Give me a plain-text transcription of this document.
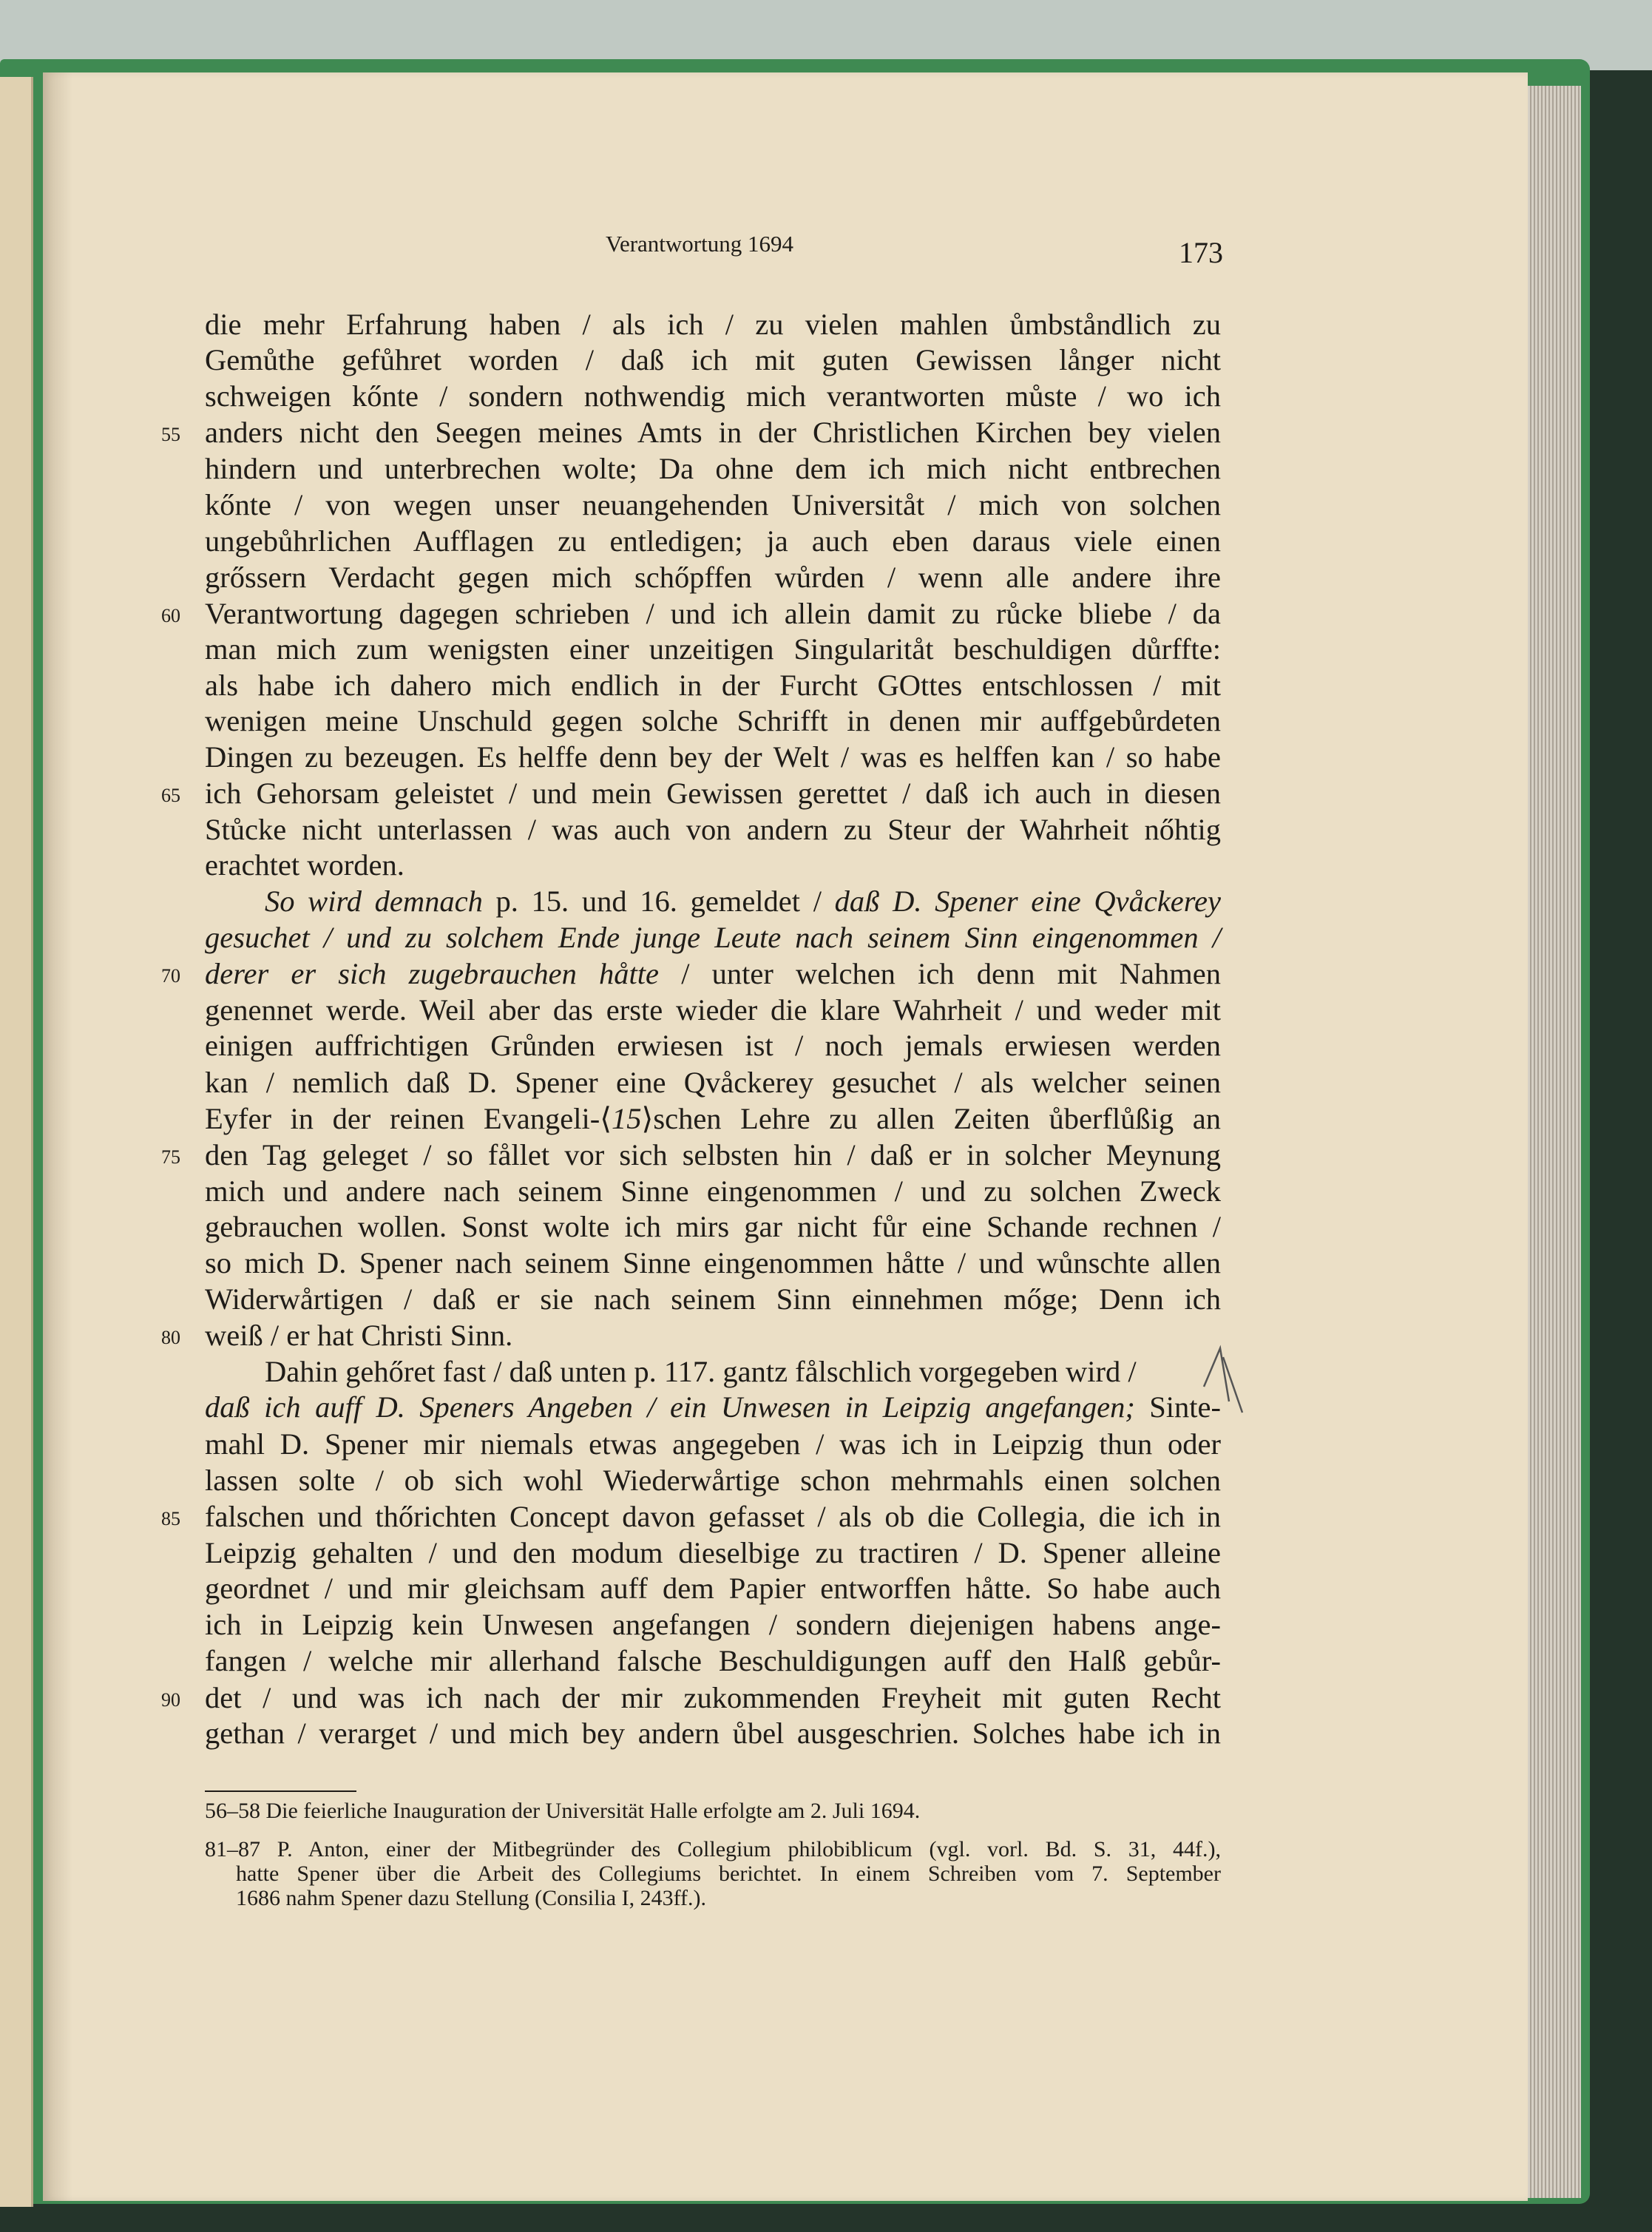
Verantwortung 1694	173
die mehr Erfahrung haben / als ich / zu vielen mahlen ůmbståndlich zu
Gemůthe gefůhret worden / daß ich mit guten Gewissen långer nicht
schweigen kőnte / sondern nothwendig mich verantworten můste / wo ich
anders nicht den Seegen meines Amts in der Christlichen Kirchen bey vielen
hindern und unterbrechen wolte; Da ohne dem ich mich nicht entbrechen
kőnte / von wegen unser neuangehenden Universitåt / mich von solchen
ungebůhrlichen Aufflagen zu entledigen; ja auch eben daraus viele einen
grőssern Verdacht gegen mich schőpffen wůrden / wenn alle andere ihre
Verantwortung dagegen schrieben / und ich allein damit zu růcke bliebe / da
man mich zum wenigsten einer unzeitigen Singularitåt beschuldigen důrffte:
als habe ich dahero mich endlich in der Furcht GOttes entschlossen / mit
wenigen meine Unschuld gegen solche Schrifft in denen mir auffgebůrdeten
Dingen zu bezeugen. Es helffe denn bey der Welt / was es helffen kan / so habe
ich Gehorsam geleistet / und mein Gewissen gerettet / daß ich auch in diesen
Stůcke nicht unterlassen / was auch von andern zu Steur der Wahrheit nőhtig
erachtet worden.
So wird demnach p. 15. und 16. gemeldet / daß D. Spener eine Qvåckerey
gesuchet / und zu solchem Ende junge Leute nach seinem Sinn eingenommen /
derer er sich zugebrauchen håtte / unter welchen ich denn mit Nahmen
genennet werde. Weil aber das erste wieder die klare Wahrheit / und weder mit
einigen auffrichtigen Grůnden erwiesen ist / noch jemals erwiesen werden
kan / nemlich daß D. Spener eine Qvåckerey gesuchet / als welcher seinen
Eyfer in der reinen Evangeli-⟨15⟩schen Lehre zu allen Zeiten ůberflůßig an
den Tag geleget / so fållet vor sich selbsten hin / daß er in solcher Meynung
mich und andere nach seinem Sinne eingenommen / und zu solchen Zweck
gebrauchen wollen. Sonst wolte ich mirs gar nicht fůr eine Schande rechnen /
so mich D. Spener nach seinem Sinne eingenommen håtte / und wůnschte allen
Widerwårtigen / daß er sie nach seinem Sinn einnehmen mőge; Denn ich
weiß / er hat Christi Sinn.
Dahin gehőret fast / daß unten p. 117. gantz fålschlich vorgegeben wird /
daß ich auff D. Speners Angeben / ein Unwesen in Leipzig angefangen; Sinte-
mahl D. Spener mir niemals etwas angegeben / was ich in Leipzig thun oder
lassen solte / ob sich wohl Wiederwårtige schon mehrmahls einen solchen
falschen und thőrichten Concept davon gefasset / als ob die Collegia, die ich in
Leipzig gehalten / und den modum dieselbige zu tractiren / D. Spener alleine
geordnet / und mir gleichsam auff dem Papier entworffen håtte. So habe auch
ich in Leipzig kein Unwesen angefangen / sondern diejenigen habens ange-
fangen / welche mir allerhand falsche Beschuldigungen auff den Halß gebůr-
det / und was ich nach der mir zukommenden Freyheit mit guten Recht
gethan / verarget / und mich bey andern ůbel ausgeschrien. Solches habe ich in
55
60
65
70
75
80
85
90
56–58 Die feierliche Inauguration der Universität Halle erfolgte am 2. Juli 1694.
81–87 P. Anton, einer der Mitbegründer des Collegium philobiblicum (vgl. vorl. Bd. S. 31, 44f.),
hatte Spener über die Arbeit des Collegiums berichtet. In einem Schreiben vom 7. September
1686 nahm Spener dazu Stellung (Consilia I, 243ff.).
